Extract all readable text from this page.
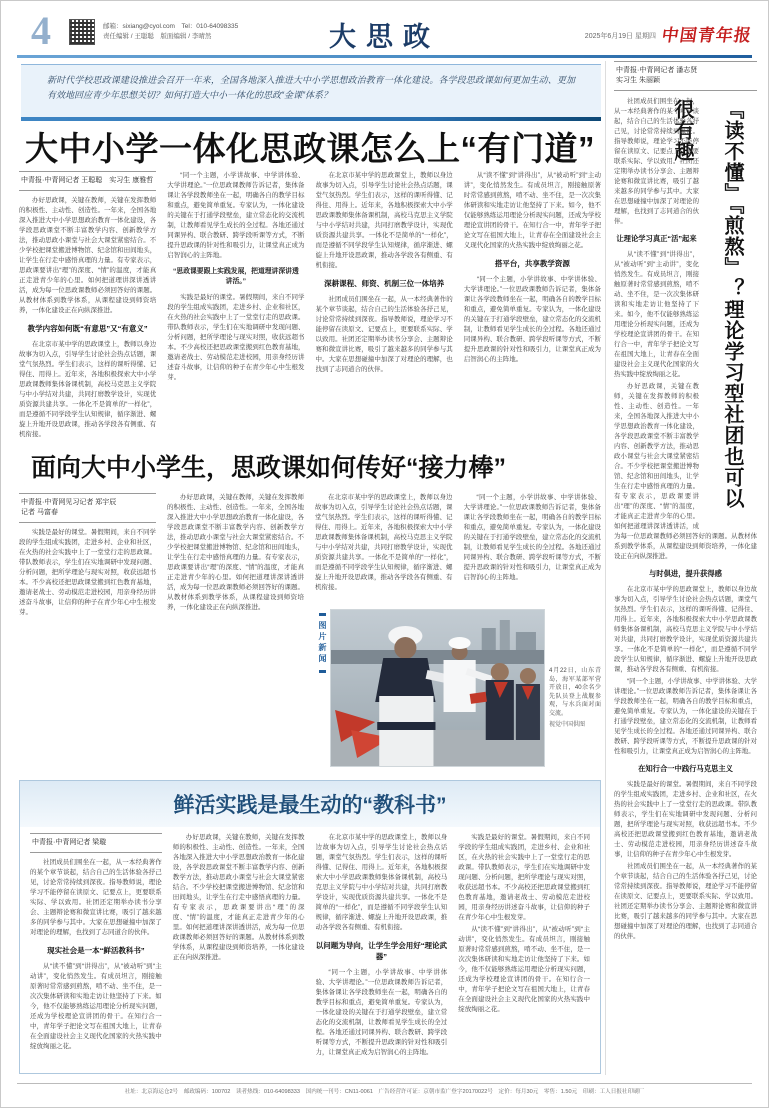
4	邮箱：sixiang@cyol.com　Tel：010-64098335
责任编辑 / 王聪聪　版面编辑 / 李晴然	大思政	2025年6月19日 星期四 中国青年报

新时代学校思政课建设推进会召开一年来，全国各地深入推进大中小学思想政治教育一体化建设。各学段思政课如何更加生动、更加有效地回应青少年思想关切？如何打造大中小一体化的思政“金课”体系？

大中小学一体化思政课怎么上“有门道”
中青报·中青网记者 王聪聪　实习生 康雅哲

办好思政课，关键在教师，关键在发挥教师的积极性、主动性、创造性。一年来，全国各地深入推进大中小学思想政治教育一体化建设，各学段思政课堂不断丰富教学内容、创新教学方法，推动思政小课堂与社会大课堂紧密结合。不少学校把课堂搬进博物馆、纪念馆和田间地头，让学生在行走中感悟真理的力量。有专家表示，思政课要讲出“理”的深度、“情”的温度，才能真正走进青少年的心里。如何把道理讲深讲透讲活，成为每一位思政课教师必须回答好的课题。从教材体系到教学体系，从课程建设到师资培养，一体化建设正在向纵深推进。

教学内容如何既“有意思”又“有意义”

在北京市某中学的思政课堂上，教师以身边故事为切入点，引导学生讨论社会热点话题，课堂气氛热烈。学生们表示，这样的课听得懂、记得住、用得上。近年来，各地积极探索大中小学思政课教师集体备课机制，高校马克思主义学院与中小学结对共建，共同打磨教学设计，实现优质资源共建共享。一体化不是简单的“一样化”，而是遵循不同学段学生认知规律，循序渐进、螺旋上升地开设思政课，推动各学段各有侧重、有机衔接。

“同一个主题，小学讲故事、中学讲体验、大学讲理论。”一位思政课教师告诉记者，集体备课让各学段教师坐在一起，明确各自的教学目标和重点，避免简单重复。专家认为，一体化建设的关键在于打通学段壁垒，建立常态化的交流机制，让教师看见学生成长的全过程。各地还通过同课异构、联合教研、跨学段听课等方式，不断提升思政课的针对性和吸引力，让课堂真正成为启智润心的主阵地。

“思政课要跟上实践发展，把道理讲深讲透讲活。”

实践是最好的课堂。暑假期间，来自不同学段的学生组成实践团，走进乡村、企业和社区，在火热的社会实践中上了一堂堂行走的思政课。带队教师表示，学生们在实地调研中发现问题、分析问题，把所学理论与现实对照，收获远超书本。不少高校还把思政课堂搬到红色教育基地，邀请老战士、劳动模范走进校园，用亲身经历讲述奋斗故事，让信仰的种子在青少年心中生根发芽。

在北京市某中学的思政课堂上，教师以身边故事为切入点，引导学生讨论社会热点话题，课堂气氛热烈。学生们表示，这样的课听得懂、记得住、用得上。近年来，各地积极探索大中小学思政课教师集体备课机制，高校马克思主义学院与中小学结对共建，共同打磨教学设计，实现优质资源共建共享。一体化不是简单的“一样化”，而是遵循不同学段学生认知规律，循序渐进、螺旋上升地开设思政课，推动各学段各有侧重、有机衔接。

深耕课程、师资、机制三位一体培养

社团成员们围坐在一起，从一本经典著作的某个章节谈起，结合自己的生活体验各抒己见，讨论常常持续到深夜。指导教师说，理论学习不能停留在读原文、记要点上，更要联系实际、学以致用。社团还定期举办读书分享会、主题辩论赛和微宣讲比赛，吸引了越来越多的同学参与其中。大家在思想碰撞中加深了对理论的理解，也找到了志同道合的伙伴。

从“读不懂”到“讲得出”，从“被动听”到“主动讲”，变化悄然发生。有成员坦言，刚接触原著时常常感到煎熬，啃不动、坐不住，是一次次集体研读和实地走访让他坚持了下来。如今，他不仅能够熟练运用理论分析现实问题，还成为学校理论宣讲团的骨干。在知行合一中，青年学子把论文写在祖国大地上，让青春在全面建设社会主义现代化国家的火热实践中绽放绚丽之花。

搭平台，共享教学资源

“同一个主题，小学讲故事、中学讲体验、大学讲理论。”一位思政课教师告诉记者，集体备课让各学段教师坐在一起，明确各自的教学目标和重点，避免简单重复。专家认为，一体化建设的关键在于打通学段壁垒，建立常态化的交流机制，让教师看见学生成长的全过程。各地还通过同课异构、联合教研、跨学段听课等方式，不断提升思政课的针对性和吸引力，让课堂真正成为启智润心的主阵地。

面向大中小学生，思政课如何传好“接力棒”
中青报·中青网见习记者 郑宇辰
记者 马富春

实践是最好的课堂。暑假期间，来自不同学段的学生组成实践团，走进乡村、企业和社区，在火热的社会实践中上了一堂堂行走的思政课。带队教师表示，学生们在实地调研中发现问题、分析问题，把所学理论与现实对照，收获远超书本。不少高校还把思政课堂搬到红色教育基地，邀请老战士、劳动模范走进校园，用亲身经历讲述奋斗故事，让信仰的种子在青少年心中生根发芽。

办好思政课，关键在教师，关键在发挥教师的积极性、主动性、创造性。一年来，全国各地深入推进大中小学思想政治教育一体化建设，各学段思政课堂不断丰富教学内容、创新教学方法，推动思政小课堂与社会大课堂紧密结合。不少学校把课堂搬进博物馆、纪念馆和田间地头，让学生在行走中感悟真理的力量。有专家表示，思政课要讲出“理”的深度、“情”的温度，才能真正走进青少年的心里。如何把道理讲深讲透讲活，成为每一位思政课教师必须回答好的课题。从教材体系到教学体系，从课程建设到师资培养，一体化建设正在向纵深推进。

在北京市某中学的思政课堂上，教师以身边故事为切入点，引导学生讨论社会热点话题，课堂气氛热烈。学生们表示，这样的课听得懂、记得住、用得上。近年来，各地积极探索大中小学思政课教师集体备课机制，高校马克思主义学院与中小学结对共建，共同打磨教学设计，实现优质资源共建共享。一体化不是简单的“一样化”，而是遵循不同学段学生认知规律，循序渐进、螺旋上升地开设思政课，推动各学段各有侧重、有机衔接。

“同一个主题，小学讲故事、中学讲体验、大学讲理论。”一位思政课教师告诉记者，集体备课让各学段教师坐在一起，明确各自的教学目标和重点，避免简单重复。专家认为，一体化建设的关键在于打通学段壁垒，建立常态化的交流机制，让教师看见学生成长的全过程。各地还通过同课异构、联合教研、跨学段听课等方式，不断提升思政课的针对性和吸引力，让课堂真正成为启智润心的主阵地。

图片新闻
4月22日，山东青岛，海军某部军营开放日，40余名少先队员登上战舰参观，与水兵面对面交流。
视觉中国供图
鲜活实践是最生动的“教科书”
中青报·中青网记者 梁璇

社团成员们围坐在一起，从一本经典著作的某个章节谈起，结合自己的生活体验各抒己见，讨论常常持续到深夜。指导教师说，理论学习不能停留在读原文、记要点上，更要联系实际、学以致用。社团还定期举办读书分享会、主题辩论赛和微宣讲比赛，吸引了越来越多的同学参与其中。大家在思想碰撞中加深了对理论的理解，也找到了志同道合的伙伴。

现实社会是一本“鲜活教科书”

从“读不懂”到“讲得出”，从“被动听”到“主动讲”，变化悄然发生。有成员坦言，刚接触原著时常常感到煎熬，啃不动、坐不住，是一次次集体研读和实地走访让他坚持了下来。如今，他不仅能够熟练运用理论分析现实问题，还成为学校理论宣讲团的骨干。在知行合一中，青年学子把论文写在祖国大地上，让青春在全面建设社会主义现代化国家的火热实践中绽放绚丽之花。

办好思政课，关键在教师，关键在发挥教师的积极性、主动性、创造性。一年来，全国各地深入推进大中小学思想政治教育一体化建设，各学段思政课堂不断丰富教学内容、创新教学方法，推动思政小课堂与社会大课堂紧密结合。不少学校把课堂搬进博物馆、纪念馆和田间地头，让学生在行走中感悟真理的力量。有专家表示，思政课要讲出“理”的深度、“情”的温度，才能真正走进青少年的心里。如何把道理讲深讲透讲活，成为每一位思政课教师必须回答好的课题。从教材体系到教学体系，从课程建设到师资培养，一体化建设正在向纵深推进。

在北京市某中学的思政课堂上，教师以身边故事为切入点，引导学生讨论社会热点话题，课堂气氛热烈。学生们表示，这样的课听得懂、记得住、用得上。近年来，各地积极探索大中小学思政课教师集体备课机制，高校马克思主义学院与中小学结对共建，共同打磨教学设计，实现优质资源共建共享。一体化不是简单的“一样化”，而是遵循不同学段学生认知规律，循序渐进、螺旋上升地开设思政课，推动各学段各有侧重、有机衔接。

以问题为导向，让学生学会用好“理论武器”

“同一个主题，小学讲故事、中学讲体验、大学讲理论。”一位思政课教师告诉记者，集体备课让各学段教师坐在一起，明确各自的教学目标和重点，避免简单重复。专家认为，一体化建设的关键在于打通学段壁垒，建立常态化的交流机制，让教师看见学生成长的全过程。各地还通过同课异构、联合教研、跨学段听课等方式，不断提升思政课的针对性和吸引力，让课堂真正成为启智润心的主阵地。

实践是最好的课堂。暑假期间，来自不同学段的学生组成实践团，走进乡村、企业和社区，在火热的社会实践中上了一堂堂行走的思政课。带队教师表示，学生们在实地调研中发现问题、分析问题，把所学理论与现实对照，收获远超书本。不少高校还把思政课堂搬到红色教育基地，邀请老战士、劳动模范走进校园，用亲身经历讲述奋斗故事，让信仰的种子在青少年心中生根发芽。

从“读不懂”到“讲得出”，从“被动听”到“主动讲”，变化悄然发生。有成员坦言，刚接触原著时常常感到煎熬，啃不动、坐不住，是一次次集体研读和实地走访让他坚持了下来。如今，他不仅能够熟练运用理论分析现实问题，还成为学校理论宣讲团的骨干。在知行合一中，青年学子把论文写在祖国大地上，让青春在全面建设社会主义现代化国家的火热实践中绽放绚丽之花。

中青报·中青网记者 潘志贤
实习生 朱丽颖
『读不懂』『煎熬』？理论学习型社团也可以很有趣

社团成员们围坐在一起，从一本经典著作的某个章节谈起，结合自己的生活体验各抒己见，讨论常常持续到深夜。指导教师说，理论学习不能停留在读原文、记要点上，更要联系实际、学以致用。社团还定期举办读书分享会、主题辩论赛和微宣讲比赛，吸引了越来越多的同学参与其中。大家在思想碰撞中加深了对理论的理解，也找到了志同道合的伙伴。

让理论学习真正“活”起来

从“读不懂”到“讲得出”，从“被动听”到“主动讲”，变化悄然发生。有成员坦言，刚接触原著时常常感到煎熬，啃不动、坐不住，是一次次集体研读和实地走访让他坚持了下来。如今，他不仅能够熟练运用理论分析现实问题，还成为学校理论宣讲团的骨干。在知行合一中，青年学子把论文写在祖国大地上，让青春在全面建设社会主义现代化国家的火热实践中绽放绚丽之花。

办好思政课，关键在教师，关键在发挥教师的积极性、主动性、创造性。一年来，全国各地深入推进大中小学思想政治教育一体化建设，各学段思政课堂不断丰富教学内容、创新教学方法，推动思政小课堂与社会大课堂紧密结合。不少学校把课堂搬进博物馆、纪念馆和田间地头，让学生在行走中感悟真理的力量。有专家表示，思政课要讲出“理”的深度、“情”的温度，才能真正走进青少年的心里。如何把道理讲深讲透讲活，成为每一位思政课教师必须回答好的课题。从教材体系到教学体系，从课程建设到师资培养，一体化建设正在向纵深推进。

与时俱进，提升获得感

在北京市某中学的思政课堂上，教师以身边故事为切入点，引导学生讨论社会热点话题，课堂气氛热烈。学生们表示，这样的课听得懂、记得住、用得上。近年来，各地积极探索大中小学思政课教师集体备课机制，高校马克思主义学院与中小学结对共建，共同打磨教学设计，实现优质资源共建共享。一体化不是简单的“一样化”，而是遵循不同学段学生认知规律，循序渐进、螺旋上升地开设思政课，推动各学段各有侧重、有机衔接。

“同一个主题，小学讲故事、中学讲体验、大学讲理论。”一位思政课教师告诉记者，集体备课让各学段教师坐在一起，明确各自的教学目标和重点，避免简单重复。专家认为，一体化建设的关键在于打通学段壁垒，建立常态化的交流机制，让教师看见学生成长的全过程。各地还通过同课异构、联合教研、跨学段听课等方式，不断提升思政课的针对性和吸引力，让课堂真正成为启智润心的主阵地。

在知行合一中践行马克思主义

实践是最好的课堂。暑假期间，来自不同学段的学生组成实践团，走进乡村、企业和社区，在火热的社会实践中上了一堂堂行走的思政课。带队教师表示，学生们在实地调研中发现问题、分析问题，把所学理论与现实对照，收获远超书本。不少高校还把思政课堂搬到红色教育基地，邀请老战士、劳动模范走进校园，用亲身经历讲述奋斗故事，让信仰的种子在青少年心中生根发芽。

社团成员们围坐在一起，从一本经典著作的某个章节谈起，结合自己的生活体验各抒己见，讨论常常持续到深夜。指导教师说，理论学习不能停留在读原文、记要点上，更要联系实际、学以致用。社团还定期举办读书分享会、主题辩论赛和微宣讲比赛，吸引了越来越多的同学参与其中。大家在思想碰撞中加深了对理论的理解，也找到了志同道合的伙伴。

社址：北京海运仓2号　邮政编码：100702　读者热线：010-64098333　国内统一刊号：CN11-0061　广告经营许可证：京朝市监广登字20170022号　定价：每月30元　零售：1.50元　印刷：工人日报社印刷厂
